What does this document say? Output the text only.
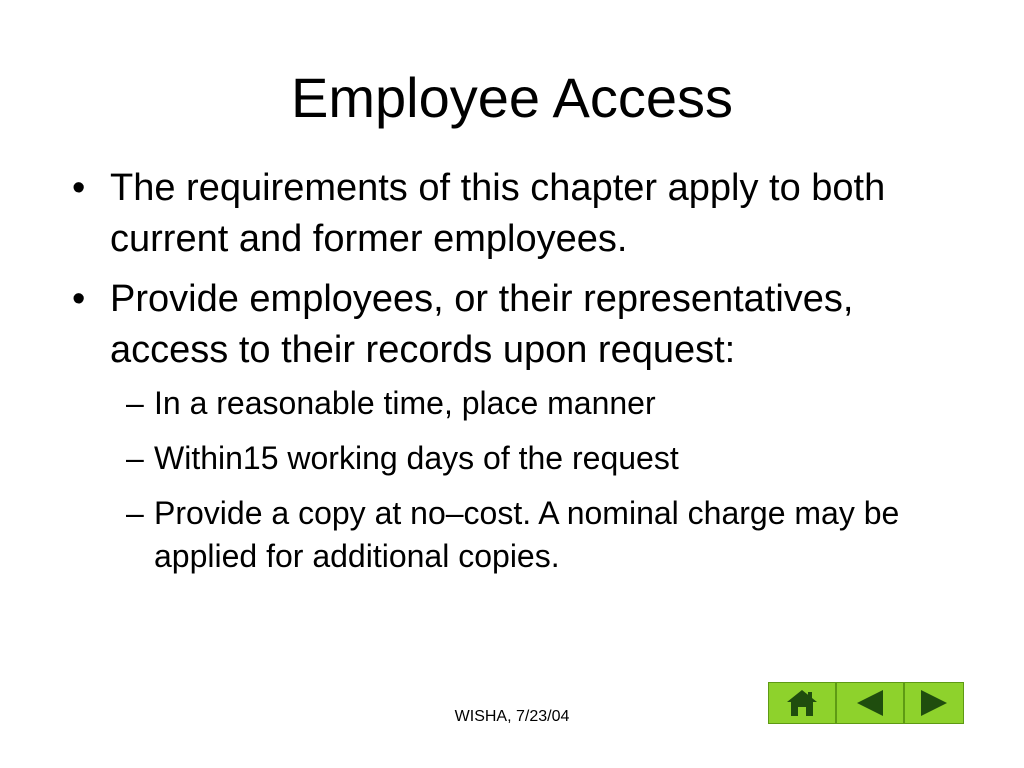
Employee Access
• The requirements of this chapter apply to both current and former employees.
• Provide employees, or their representatives, access to their records upon request:
– In a reasonable time, place manner
– Within15 working days of the request
– Provide a copy at no–cost. A nominal charge may be applied for additional copies.
WISHA, 7/23/04
